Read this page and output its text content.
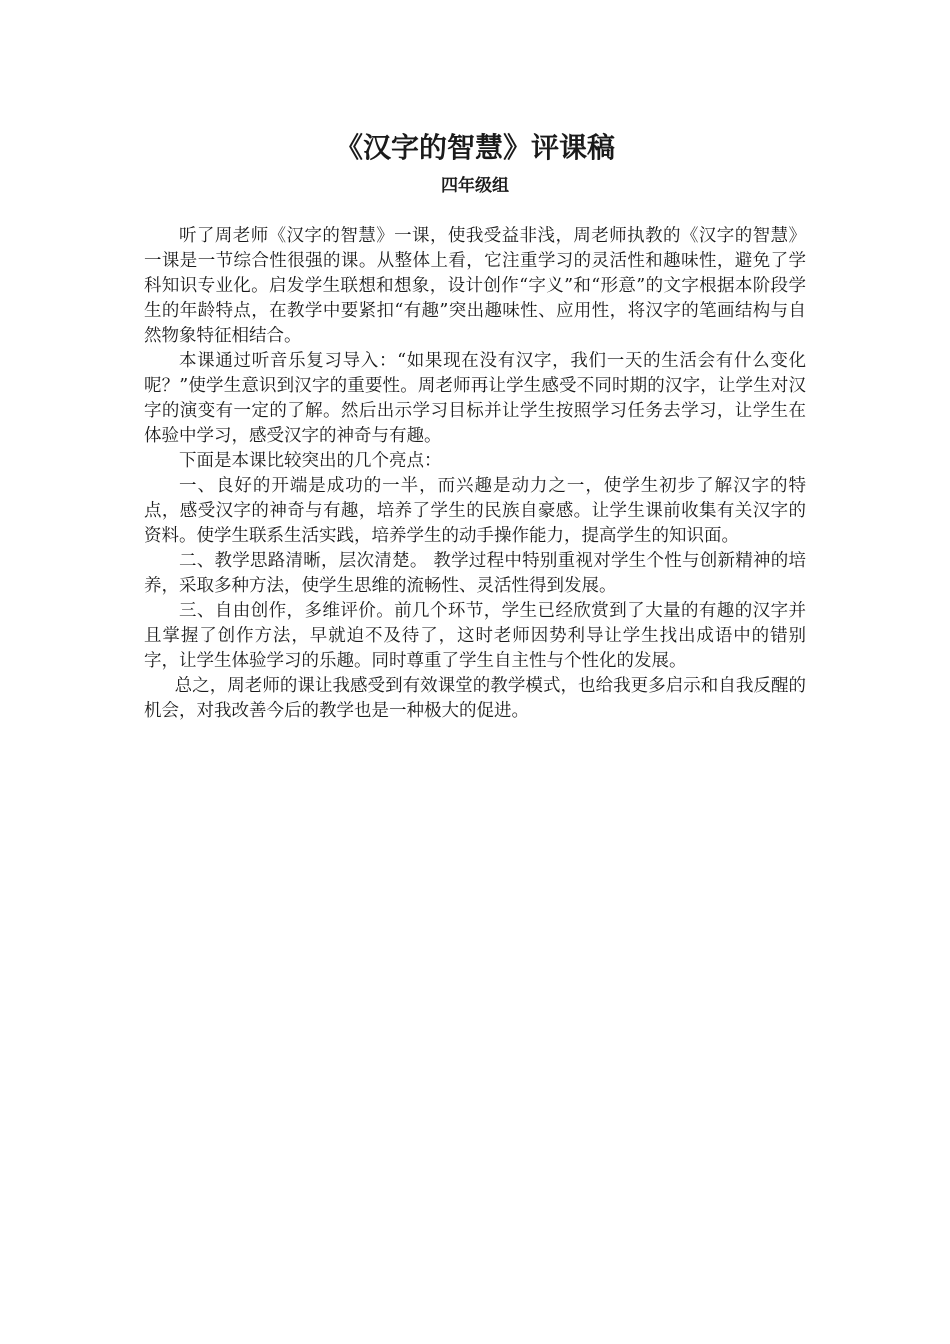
《汉字的智慧》评课稿
四年级组

听了周老师《汉字的智慧》一课，使我受益非浅，周老师执教的《汉字的智慧》一课是一节综合性很强的课。从整体上看，它注重学习的灵活性和趣味性，避免了学科知识专业化。启发学生联想和想象，设计创作“字义”和“形意”的文字根据本阶段学生的年龄特点，在教学中要紧扣“有趣”突出趣味性、应用性，将汉字的笔画结构与自然物象特征相结合。

本课通过听音乐复习导入：“如果现在没有汉字，我们一天的生活会有什么变化呢？”使学生意识到汉字的重要性。周老师再让学生感受不同时期的汉字，让学生对汉字的演变有一定的了解。然后出示学习目标并让学生按照学习任务去学习，让学生在体验中学习，感受汉字的神奇与有趣。

下面是本课比较突出的几个亮点：

一、良好的开端是成功的一半，而兴趣是动力之一，使学生初步了解汉字的特点，感受汉字的神奇与有趣，培养了学生的民族自豪感。让学生课前收集有关汉字的资料。使学生联系生活实践，培养学生的动手操作能力，提高学生的知识面。

二、教学思路清晰，层次清楚。 教学过程中特别重视对学生个性与创新精神的培养，采取多种方法，使学生思维的流畅性、灵活性得到发展。

三、自由创作，多维评价。前几个环节，学生已经欣赏到了大量的有趣的汉字并且掌握了创作方法，早就迫不及待了，这时老师因势利导让学生找出成语中的错别字，让学生体验学习的乐趣。同时尊重了学生自主性与个性化的发展。

总之，周老师的课让我感受到有效课堂的教学模式，也给我更多启示和自我反醒的机会，对我改善今后的教学也是一种极大的促进。
